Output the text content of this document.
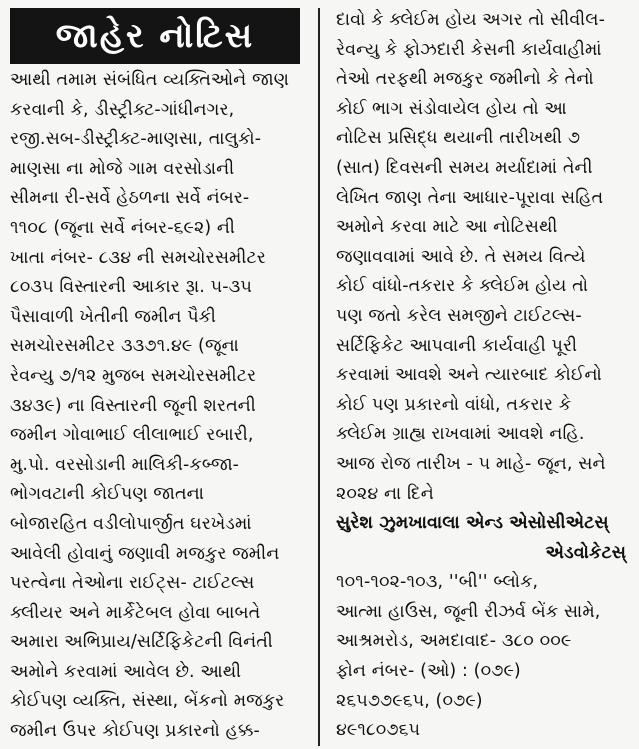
જાહેર નોટિસ
આથી તમામ સંબંધિત વ્યક્તિઓને જાણ
કરવાની કે, ડીસ્ટ્રીક્ટ-ગાંધીનગર,
રજી.સબ-ડીસ્ટ્રીક્ટ-માણસા, તાલુકો-
માણસા ના મોજે ગામ વરસોડાની
સીમના રી-સર્વે હેઠળના સર્વે નંબર-
૧૧૦૮ (જૂના સર્વે નંબર-૬૯૨) ની
ખાતા નંબર- ૮૩૪ ની સમચોરસમીટર
૮૦૩૫ વિસ્તારની આકાર રૂા. ૫-૩૫
પૈસાવાળી ખેતીની જમીન પૈકી
સમચોરસમીટર ૩૩૭૧.૪૯ (જૂના
રેવન્યુ ૭/૧૨ મુજબ સમચોરસમીટર
૩૪૩૯) ના વિસ્તારની જૂની શરતની
જમીન ગોવાભાઈ લીલાભાઈ રબારી,
મુ.પો. વરસોડાની માલિકી-કબ્જા-
ભોગવટાની કોઈપણ જાતના
બોજારહિત વડીલોપાર્જીત ઘરખેડમાં
આવેલી હોવાનું જણાવી મજકુર જમીન
પરત્વેના તેઓના રાઈટ્સ- ટાઈટલ્સ
ક્લીયર અને માર્કેટેબલ હોવા બાબતે
અમારા અભિપ્રાય/સર્ટિફિકેટની વિનંતી
અમોને કરવામાં આવેલ છે. આથી
કોઈપણ વ્યક્તિ, સંસ્થા, બેંકનો મજકુર
જમીન ઉપર કોઈપણ પ્રકારનો હક્ક-
દાવો કે ક્લેઈમ હોય અગર તો સીવીલ-
રેવન્યુ કે ફોઝદારી કેસની કાર્યવાહીમાં
તેઓ તરફથી મજકુર જમીનો કે તેનો
કોઈ ભાગ સંડોવાયેલ હોય તો આ
નોટિસ પ્રસિદ્ધ થયાની તારીખથી ૭
(સાત) દિવસની સમય મર્યાદામાં તેની
લેખિત જાણ તેના આધાર-પૂરાવા સહિત
અમોને કરવા માટે આ નોટિસથી
જણાવવામાં આવે છે. તે સમય વિત્યે
કોઈ વાંધો-તકરાર કે ક્લેઈમ હોય તો
પણ જતો કરેલ સમજીને ટાઈટલ્સ-
સર્ટિફિકેટ આપવાની કાર્યવાહી પૂરી
કરવામાં આવશે અને ત્યારબાદ કોઈનો
કોઈ પણ પ્રકારનો વાંધો, તકરાર કે
ક્લેઈમ ગ્રાહ્ય રાખવામાં આવશે નહિ.
આજ રોજ તારીખ - ૫ માહે- જૂન, સને
૨૦૨૪ ના દિને
સુરેશ ઝુમખાવાલા એન્ડ એસોસીએટસ્
એડવોકેટસ્
૧૦૧-૧૦૨-૧૦૩, ''બી'' બ્લોક,
આત્મા હાઉસ, જૂની રીઝર્વ બેંક સામે,
આશ્રમરોડ, અમદાવાદ- ૩૮૦ ૦૦૯
ફોન નંબર- (ઓ) : (૦૭૯)
૨૬૫૭૭૯૬૫, (૦૭૯)
૪૯૧૮૦૭૬૫
